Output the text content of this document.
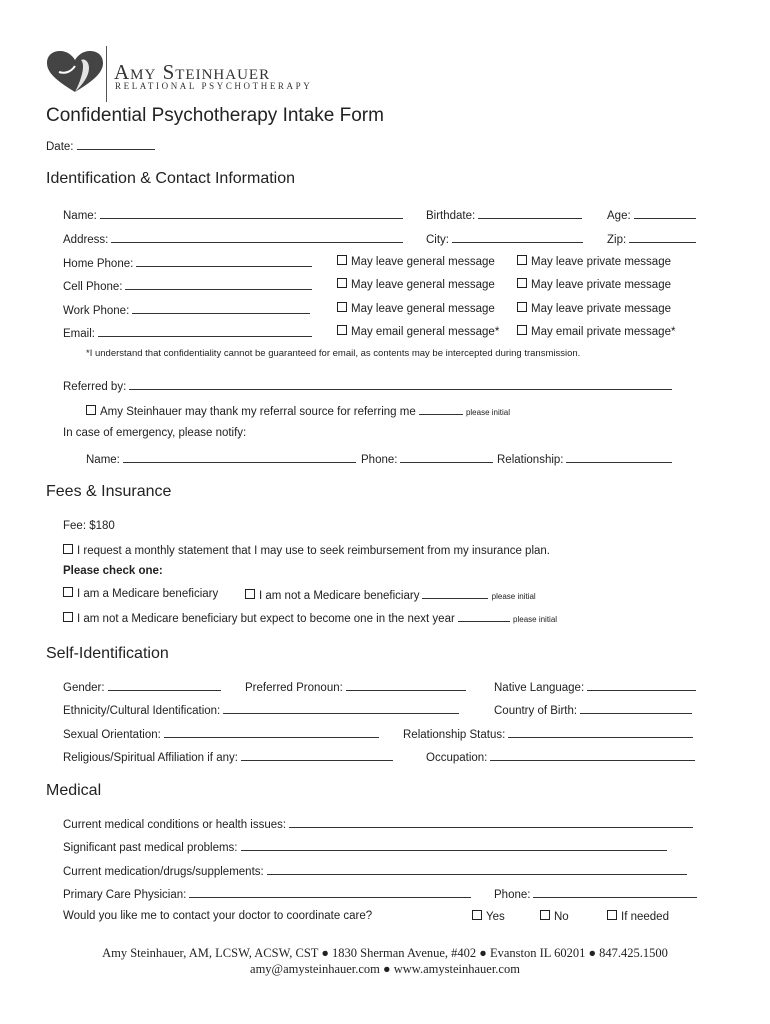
Amy Steinhauer
RELATIONAL PSYCHOTHERAPY
Confidential Psychotherapy Intake Form
Date:
Identification & Contact Information
Name:	Birthdate:	Age:
Address:	City:	Zip:
Home Phone:	May leave general message	May leave private message
Cell Phone:	May leave general message	May leave private message
Work Phone:	May leave general message	May leave private message
Email:	May email general message*	May email private message*
*I understand that confidentiality cannot be guaranteed for email, as contents may be intercepted during transmission.
Referred by:
Amy Steinhauer may thank my referral source for referring me	please initial
In case of emergency, please notify:
Name:	Phone:	Relationship:
Fees & Insurance
Fee: $180
I request a monthly statement that I may use to seek reimbursement from my insurance plan.
Please check one:
I am a Medicare beneficiary	I am not a Medicare beneficiary	please initial
I am not a Medicare beneficiary but expect to become one in the next year	please initial
Self-Identification
Gender:	Preferred Pronoun:	Native Language:
Ethnicity/Cultural Identification:	Country of Birth:
Sexual Orientation:	Relationship Status:
Religious/Spiritual Affiliation if any:	Occupation:
Medical
Current medical conditions or health issues:
Significant past medical problems:
Current medication/drugs/supplements:
Primary Care Physician:	Phone:
Would you like me to contact your doctor to coordinate care?	Yes	No	If needed
Amy Steinhauer, AM, LCSW, ACSW, CST ● 1830 Sherman Avenue, #402 ● Evanston IL 60201 ● 847.425.1500
amy@amysteinhauer.com ● www.amysteinhauer.com
